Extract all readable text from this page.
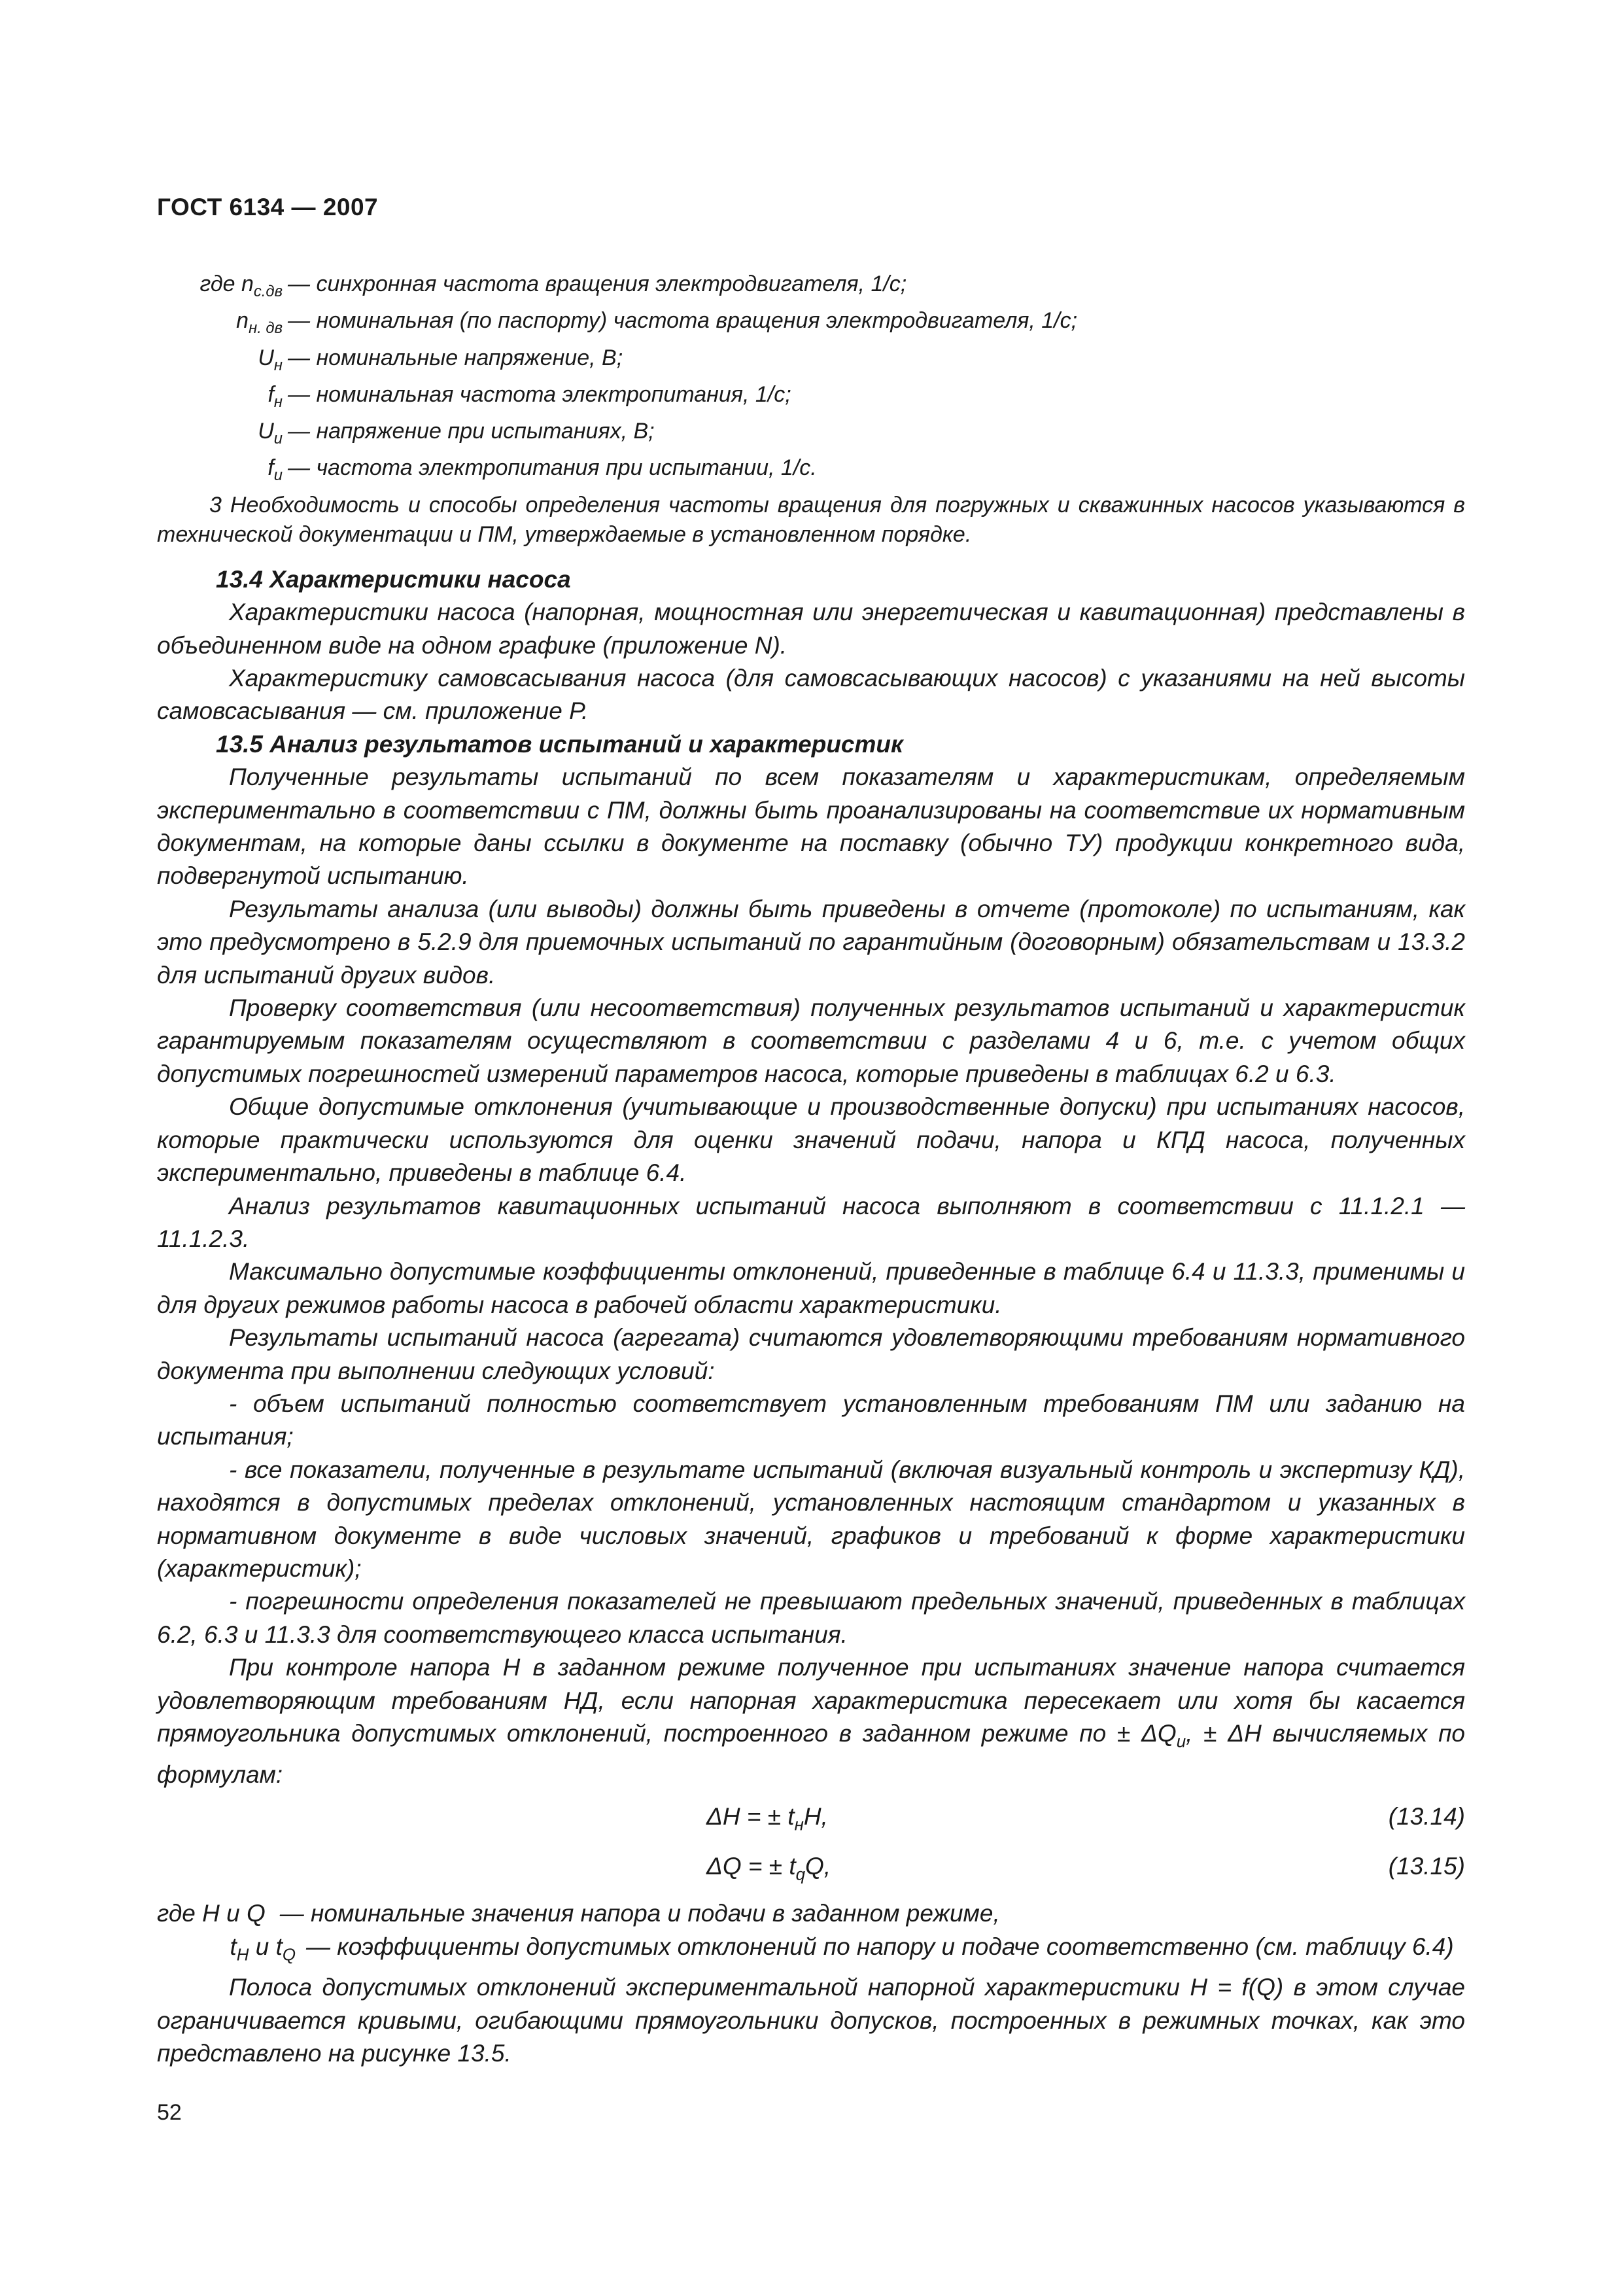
ГОСТ 6134 — 2007
где $n_{с.дв}$ — синхронная частота вращения электродвигателя, 1/с;
$n_{н. дв}$ — номинальная (по паспорту) частота вращения электродвигателя, 1/с;
$U_н$ — номинальные напряжение, В;
$f_н$ — номинальная частота электропитания, 1/с;
$U_и$ — напряжение при испытаниях, В;
$f_и$ — частота электропитания при испытании, 1/с.

3 Необходимость и способы определения частоты вращения для погружных и скважинных насосов указываются в технической документации и ПМ, утверждаемые в установленном порядке.

13.4 Характеристики насоса

Характеристики насоса (напорная, мощностная или энергетическая и кавитационная) представлены в объединенном виде на одном графике (приложение N).

Характеристику самовсасывания насоса (для самовсасывающих насосов) с указаниями на ней высоты самовсасывания — см. приложение Р.

13.5 Анализ результатов испытаний и характеристик

Полученные результаты испытаний по всем показателям и характеристикам, определяемым экспериментально в соответствии с ПМ, должны быть проанализированы на соответствие их нормативным документам, на которые даны ссылки в документе на поставку (обычно ТУ) продукции конкретного вида, подвергнутой испытанию.

Результаты анализа (или выводы) должны быть приведены в отчете (протоколе) по испытаниям, как это предусмотрено в 5.2.9 для приемочных испытаний по гарантийным (договорным) обязательствам и 13.3.2 для испытаний других видов.

Проверку соответствия (или несоответствия) полученных результатов испытаний и характеристик гарантируемым показателям осуществляют в соответствии с разделами 4 и 6, т.е. с учетом общих допустимых погрешностей измерений параметров насоса, которые приведены в таблицах 6.2 и 6.3.

Общие допустимые отклонения (учитывающие и производственные допуски) при испытаниях насосов, которые практически используются для оценки значений подачи, напора и КПД насоса, полученных экспериментально, приведены в таблице 6.4.

Анализ результатов кавитационных испытаний насоса выполняют в соответствии с 11.1.2.1 — 11.1.2.3.

Максимально допустимые коэффициенты отклонений, приведенные в таблице 6.4 и 11.3.3, применимы и для других режимов работы насоса в рабочей области характеристики.

Результаты испытаний насоса (агрегата) считаются удовлетворяющими требованиям нормативного документа при выполнении следующих условий:

- объем испытаний полностью соответствует установленным требованиям ПМ или заданию на испытания;

- все показатели, полученные в результате испытаний (включая визуальный контроль и экспертизу КД), находятся в допустимых пределах отклонений, установленных настоящим стандартом и указанных в нормативном документе в виде числовых значений, графиков и требований к форме характеристики (характеристик);

- погрешности определения показателей не превышают предельных значений, приведенных в таблицах 6.2, 6.3 и 11.3.3 для соответствующего класса испытания.

При контроле напора Н в заданном режиме полученное при испытаниях значение напора считается удовлетворяющим требованиям НД, если напорная характеристика пересекает или хотя бы касается прямоугольника допустимых отклонений, построенного в заданном режиме по ± $\Delta Q_и$, ± ΔН вычисляемых по формулам:

ΔН = ± $t_нH$,	(13.14)
ΔQ = ± $t_qQ$,	(13.15)
где Н и Q — номинальные значения напора и подачи в заданном режиме,
$t_H$ и $t_Q$ — коэффициенты допустимых отклонений по напору и подаче соответственно (см. таблицу 6.4)

Полоса допустимых отклонений экспериментальной напорной характеристики Н = f(Q) в этом случае ограничивается кривыми, огибающими прямоугольники допусков, построенных в режимных точках, как это представлено на рисунке 13.5.

52
